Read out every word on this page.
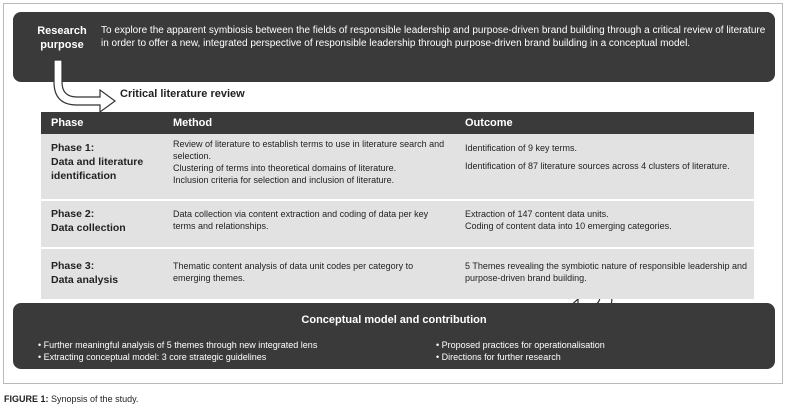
Research purpose
To explore the apparent symbiosis between the fields of responsible leadership and purpose-driven brand building through a critical review of literature in order to offer a new, integrated perspective of responsible leadership through purpose-driven brand building in a conceptual model.
Critical literature review
Phase	Method	Outcome

Phase 1:

Data and literature identification

Review of literature to establish terms to use in literature search and selection.

Clustering of terms into theoretical domains of literature.

Inclusion criteria for selection and inclusion of literature.

Identification of 9 key terms.

Identification of 87 literature sources across 4 clusters of literature.

Phase 2:

Data collection

Data collection via content extraction and coding of data per key terms and relationships.

Extraction of 147 content data units.

Coding of content data into 10 emerging categories.

Phase 3:

Data analysis

Thematic content analysis of data unit codes per category to emerging themes.

5 Themes revealing the symbiotic nature of responsible leadership and purpose-driven brand building.

Conceptual model and contribution
• Further meaningful analysis of 5 themes through new integrated lens
• Extracting conceptual model: 3 core strategic guidelines
• Proposed practices for operationalisation
• Directions for further research
FIGURE 1: Synopsis of the study.
